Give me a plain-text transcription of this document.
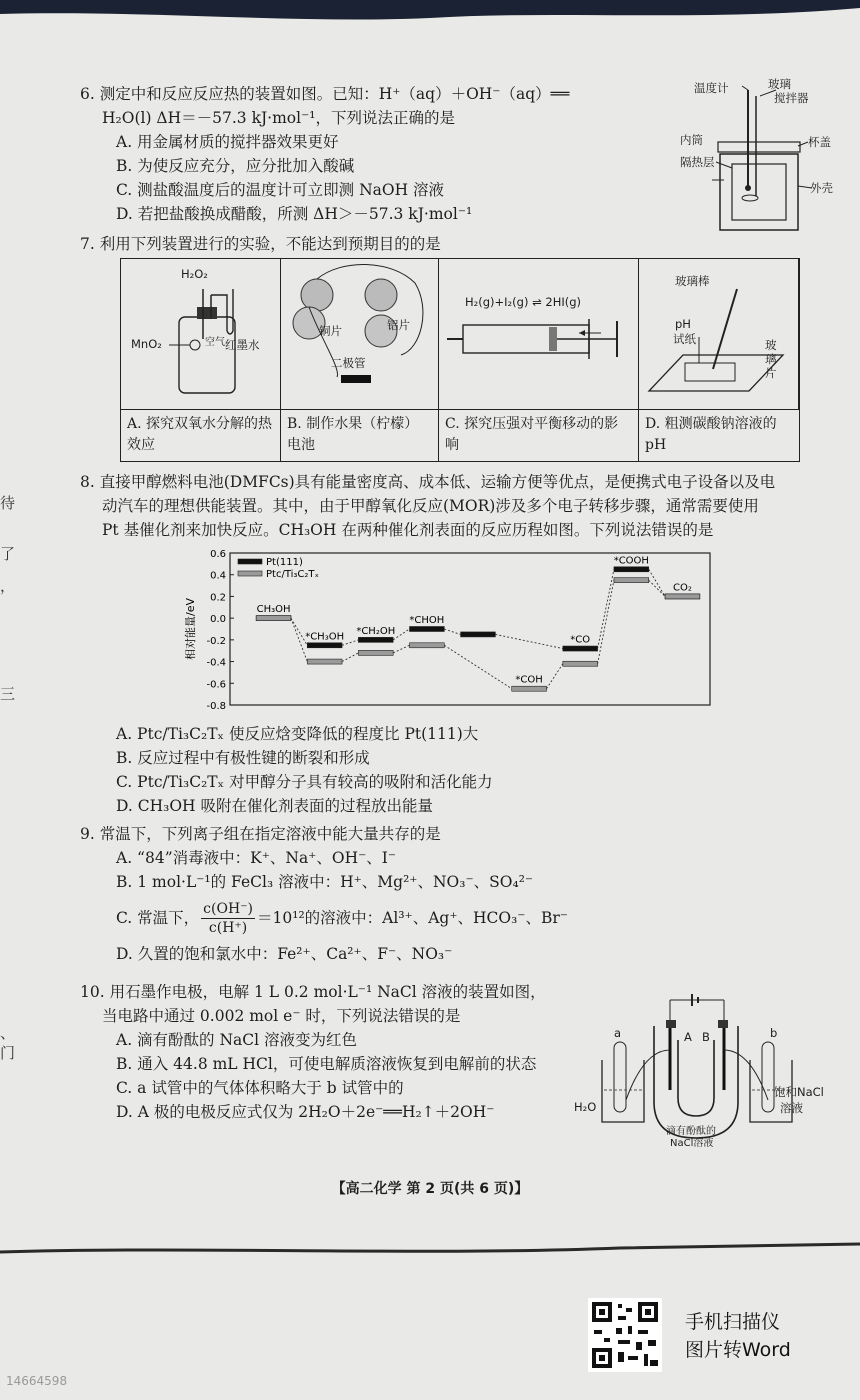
待
了
，
三
、
门
6. 测定中和反应反应热的装置如图。已知：H⁺（aq）＋OH⁻（aq）══
H₂O(l) ΔH＝－57.3 kJ·mol⁻¹，下列说法正确的是
A. 用金属材质的搅拌器效果更好
B. 为使反应充分，应分批加入酸碱
C. 测盐酸温度后的温度计可立即测 NaOH 溶液
D. 若把盐酸换成醋酸，所测 ΔH＞－57.3 kJ·mol⁻¹
温度计	玻璃
搅拌器
内筒	杯盖
隔热层
外壳
7. 利用下列装置进行的实验，不能达到预期目的的是
H₂O₂
MnO₂	空气 红墨水
铜片	铝片
二极管
H₂(g)+I₂(g) ⇌ 2HI(g)
玻璃棒
pH
试纸	玻
璃
片
A. 探究双氧水分解的热效应
B. 制作水果（柠檬）电池
C. 探究压强对平衡移动的影响
D. 粗测碳酸钠溶液的 pH
8. 直接甲醇燃料电池(DMFCs)具有能量密度高、成本低、运输方便等优点，是便携式电子设备以及电
动汽车的理想供能装置。其中，由于甲醇氧化反应(MOR)涉及多个电子转移步骤，通常需要使用
Pt 基催化剂来加快反应。CH₃OH 在两种催化剂表面的反应历程如图。下列说法错误的是
0.6
0.4
0.2
0.0
-0.2
-0.4
-0.6
-0.8
相对能量/eV
Pt(111)
Ptc/Ti₃C₂Tₓ
CH₃OH
*CH₃OH *CH₂OH
*CHOH
*COH
*CO
*COOH
CO₂
A. Ptc/Ti₃C₂Tₓ 使反应焓变降低的程度比 Pt(111)大
B. 反应过程中有极性键的断裂和形成
C. Ptc/Ti₃C₂Tₓ 对甲醇分子具有较高的吸附和活化能力
D. CH₃OH 吸附在催化剂表面的过程放出能量
9. 常温下，下列离子组在指定溶液中能大量共存的是
A. “84”消毒液中：K⁺、Na⁺、OH⁻、I⁻
B. 1 mol·L⁻¹的 FeCl₃ 溶液中：H⁺、Mg²⁺、NO₃⁻、SO₄²⁻
C. 常温下， $\frac{c(OH^-)}{c(H^+)} =10^{12}$的溶液中：Al³⁺、Ag⁺、HCO₃⁻、Br⁻
D. 久置的饱和氯水中：Fe²⁺、Ca²⁺、F⁻、NO₃⁻
10. 用石墨作电极，电解 1 L 0.2 mol·L⁻¹ NaCl 溶液的装置如图，
当电路中通过 0.002 mol e⁻ 时，下列说法错误的是
A. 滴有酚酞的 NaCl 溶液变为红色
B. 通入 44.8 mL HCl，可使电解质溶液恢复到电解前的状态
C. a 试管中的气体体积略大于 b 试管中的
D. A 极的电极反应式仅为 2H₂O＋2e⁻══H₂↑＋2OH⁻
a	b
A B
H₂O
饱和NaCl
溶液
滴有酚酞的
NaCl溶液
【高二化学 第 2 页(共 6 页)】
手机扫描仪
图片转Word
14664598
